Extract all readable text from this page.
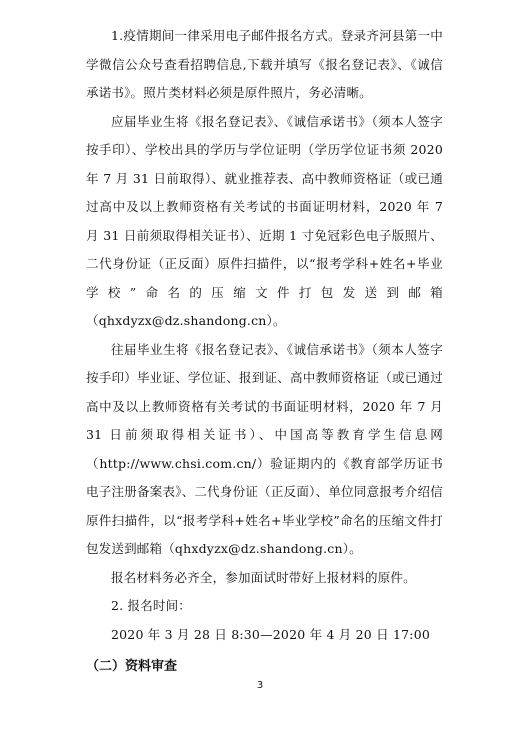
1.疫情期间一律采用电子邮件报名方式。登录齐河县第一中学微信公众号查看招聘信息,下载并填写《报名登记表》、《诚信承诺书》。照片类材料必须是原件照片，务必清晰。

应届毕业生将《报名登记表》、《诚信承诺书》（须本人签字按手印）、学校出具的学历与学位证明（学历学位证书须 2020 年 7 月 31 日前取得）、就业推荐表、高中教师资格证（或已通过高中及以上教师资格有关考试的书面证明材料，2020 年 7 月 31 日前须取得相关证书）、近期 1 寸免冠彩色电子版照片、二代身份证（正反面）原件扫描件，以“报考学科+姓名+毕业学校”命名的压缩文件打包发送到邮箱（qhxdyzx@dz.shandong.cn）。

往届毕业生将《报名登记表》、《诚信承诺书》（须本人签字按手印）毕业证、学位证、报到证、高中教师资格证（或已通过高中及以上教师资格有关考试的书面证明材料，2020 年 7 月 31 日前须取得相关证书）、中国高等教育学生信息网（http://www.chsi.com.cn/）验证期内的《教育部学历证书电子注册备案表》、二代身份证（正反面）、单位同意报考介绍信原件扫描件，以“报考学科+姓名+毕业学校”命名的压缩文件打包发送到邮箱（qhxdyzx@dz.shandong.cn）。

报名材料务必齐全，参加面试时带好上报材料的原件。

2. 报名时间：

2020 年 3 月 28 日 8:30—2020 年 4 月 20 日 17:00

（二）资料审查

3
